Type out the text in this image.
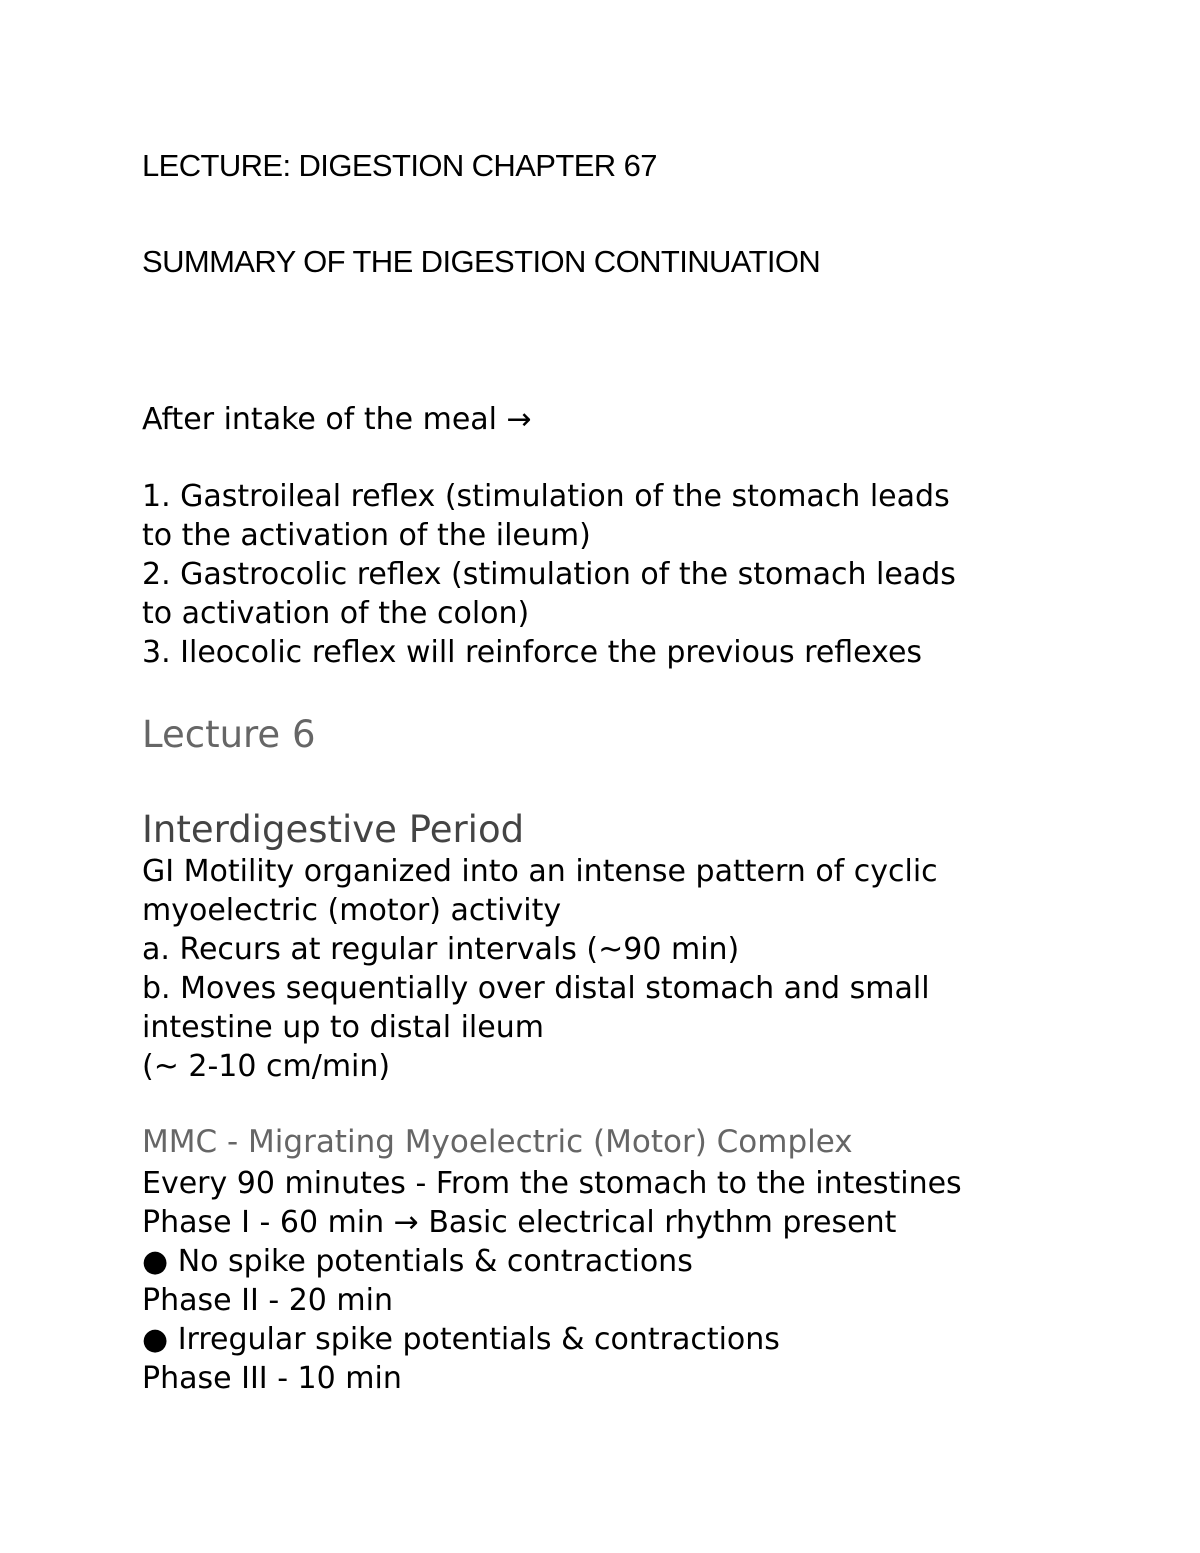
LECTURE: DIGESTION CHAPTER 67

SUMMARY OF THE DIGESTION CONTINUATION

After intake of the meal →

1. Gastroileal reflex (stimulation of the stomach leads

to the activation of the ileum)

2. Gastrocolic reflex (stimulation of the stomach leads

to activation of the colon)

3. Ileocolic reflex will reinforce the previous reflexes

Lecture 6

Interdigestive Period

GI Motility organized into an intense pattern of cyclic

myoelectric (motor) activity

a. Recurs at regular intervals (~90 min)

b. Moves sequentially over distal stomach and small

intestine up to distal ileum

(~ 2-10 cm/min)

MMC - Migrating Myoelectric (Motor) Complex

Every 90 minutes - From the stomach to the intestines

Phase I - 60 min → Basic electrical rhythm present

● No spike potentials & contractions

Phase II - 20 min

● Irregular spike potentials & contractions

Phase III - 10 min
